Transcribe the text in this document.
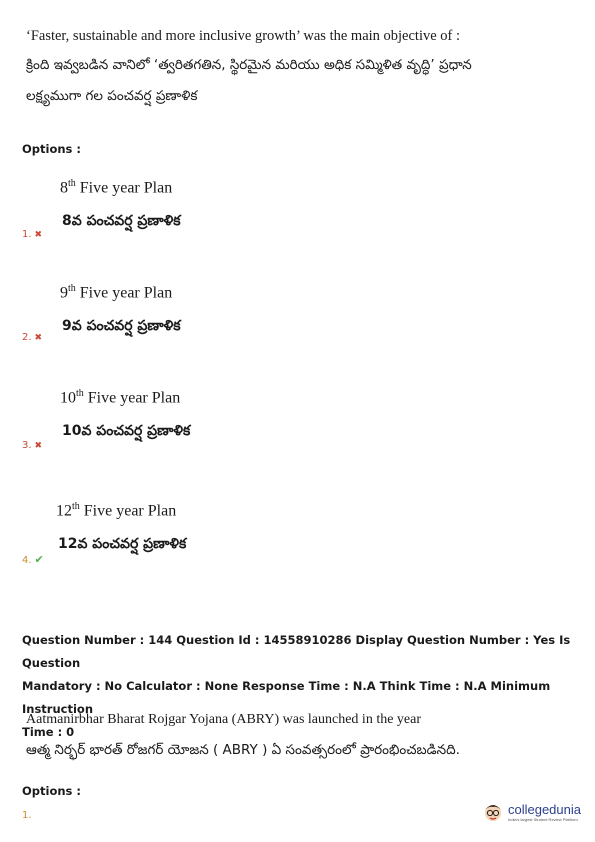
‘Faster, sustainable and more inclusive growth’ was the main objective of :
క్రింది ఇవ్వబడిన వానిలో ‘త్వరితగతిన, స్థిరమైన మరియు అధిక సమ్మిళిత వృద్ధి’ ప్రధాన
లక్ష్యముగా గల పంచవర్ష ప్రణాళిక
Options :
8th Five year Plan
8వ పంచవర్ష ప్రణాళిక
1. ✖
9th Five year Plan
9వ పంచవర్ష ప్రణాళిక
2. ✖
10th Five year Plan
10వ పంచవర్ష ప్రణాళిక
3. ✖
12th Five year Plan
12వ పంచవర్ష ప్రణాళిక
4. ✔
Question Number : 144 Question Id : 14558910286 Display Question Number : Yes Is Question
Mandatory : No Calculator : None Response Time : N.A Think Time : N.A Minimum Instruction
Time : 0
Aatmanirbhar Bharat Rojgar Yojana (ABRY) was launched in the year
ఆత్మ నిర్భర్ భారత్ రోజగర్ యోజన ( ABRY ) ఏ సంవత్సరంలో ప్రారంభించబడినది.
Options :
1.	collegedunia
India's largest Student Review Platform
